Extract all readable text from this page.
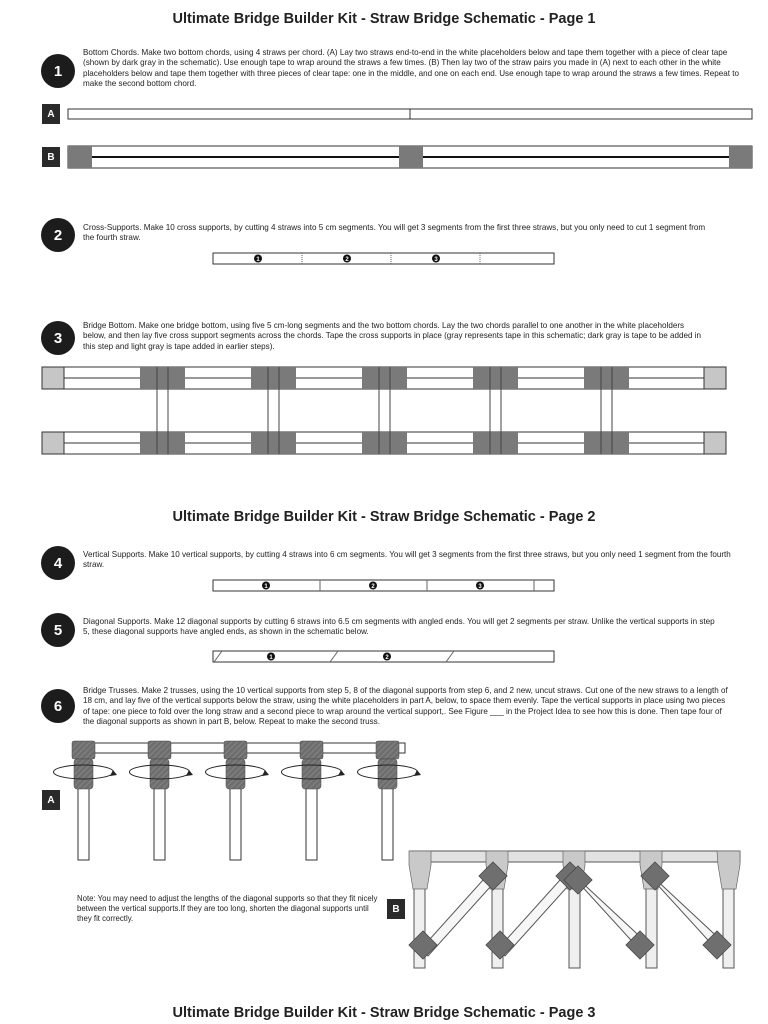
Ultimate Bridge Builder Kit - Straw Bridge Schematic - Page 1
Ultimate Bridge Builder Kit - Straw Bridge Schematic - Page 2
Ultimate Bridge Builder Kit - Straw Bridge Schematic - Page 3
1
2
3
4
5
6
Bottom Chords. Make two bottom chords, using 4 straws per chord. (A) Lay two straws end-to-end in the white placeholders below and tape them together with a piece of clear tape (shown by dark gray in the schematic). Use enough tape to wrap around the straws a few times. (B) Then lay two of the straw pairs you made in (A) next to each other in the white placeholders below and tape them together with three pieces of clear tape: one in the middle, and one on each end. Use enough tape to wrap around the straws a few times. Repeat to make the second bottom chord.
Cross-Supports. Make 10 cross supports, by cutting 4 straws into 5 cm segments. You will get 3 segments from the first three straws, but you only need to cut 1 segment from the fourth straw.
Bridge Bottom. Make one bridge bottom, using five 5 cm-long segments and the two bottom chords. Lay the two chords parallel to one another in the white placeholders below, and then lay five cross support segments across the chords. Tape the cross supports in place (gray represents tape in this schematic; dark gray is tape to be added in this step and light gray is tape added in earlier steps).
Vertical Supports. Make 10 vertical supports, by cutting 4 straws into 6 cm segments. You will get 3 segments from the first three straws, but you only need 1 segment from the fourth straw.
Diagonal Supports. Make 12 diagonal supports by cutting 6 straws into 6.5 cm segments with angled ends. You will get 2 segments per straw. Unlike the vertical supports in step 5, these diagonal supports have angled ends, as shown in the schematic below.
Bridge Trusses. Make 2 trusses, using the 10 vertical supports from step 5, 8 of the diagonal supports from step 6, and 2 new, uncut straws. Cut one of the new straws to a length of 18 cm, and lay five of the vertical supports below the straw, using the white placeholders in part A, below, to space them evenly. Tape the vertical supports in place using two pieces of tape: one piece to fold over the long straw and a second piece to wrap around the vertical support,. See Figure ___ in the Project Idea to see how this is done. Then tape four of the diagonal supports as shown in part B, below. Repeat to make the second truss.
A
B
A
B
Note: You may need to adjust the lengths of the diagonal supports so that they fit nicely between the vertical supports.If they are too long, shorten the diagonal supports until they fit correctly.
1	2	3
1	2	3
1	2
